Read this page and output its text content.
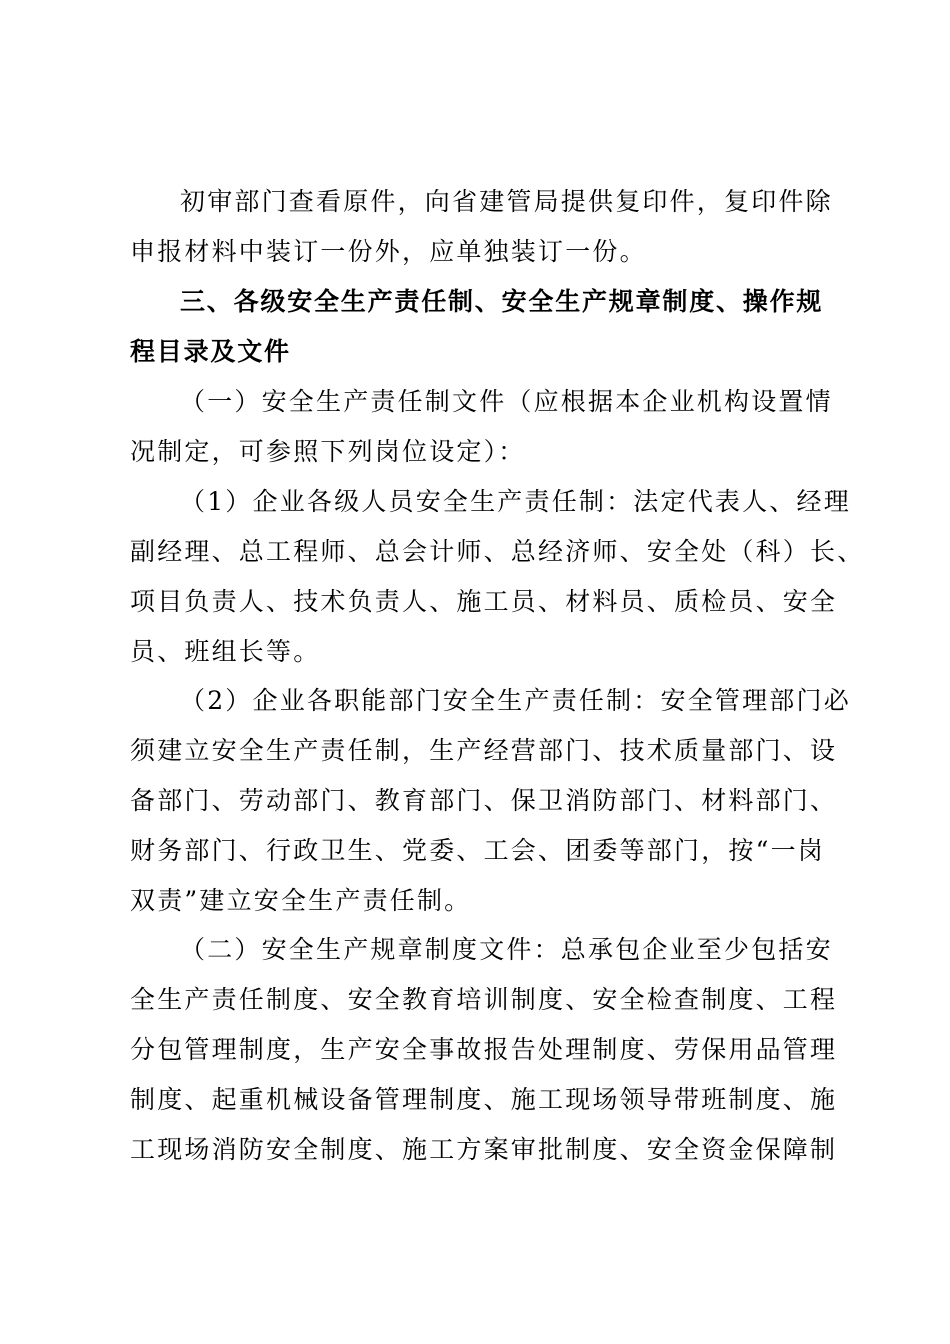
初审部门查看原件，向省建管局提供复印件，复印件除
申报材料中装订一份外，应单独装订一份。
三、各级安全生产责任制、安全生产规章制度、操作规
程目录及文件
（一）安全生产责任制文件（应根据本企业机构设置情
况制定，可参照下列岗位设定）：
（1）企业各级人员安全生产责任制：法定代表人、经理
副经理、总工程师、总会计师、总经济师、安全处（科）长、
项目负责人、技术负责人、施工员、材料员、质检员、安全
员、班组长等。
（2）企业各职能部门安全生产责任制：安全管理部门必
须建立安全生产责任制，生产经营部门、技术质量部门、设
备部门、劳动部门、教育部门、保卫消防部门、材料部门、
财务部门、行政卫生、党委、工会、团委等部门，按“一岗
双责”建立安全生产责任制。
（二）安全生产规章制度文件：总承包企业至少包括安
全生产责任制度、安全教育培训制度、安全检查制度、工程
分包管理制度，生产安全事故报告处理制度、劳保用品管理
制度、起重机械设备管理制度、施工现场领导带班制度、施
工现场消防安全制度、施工方案审批制度、安全资金保障制
